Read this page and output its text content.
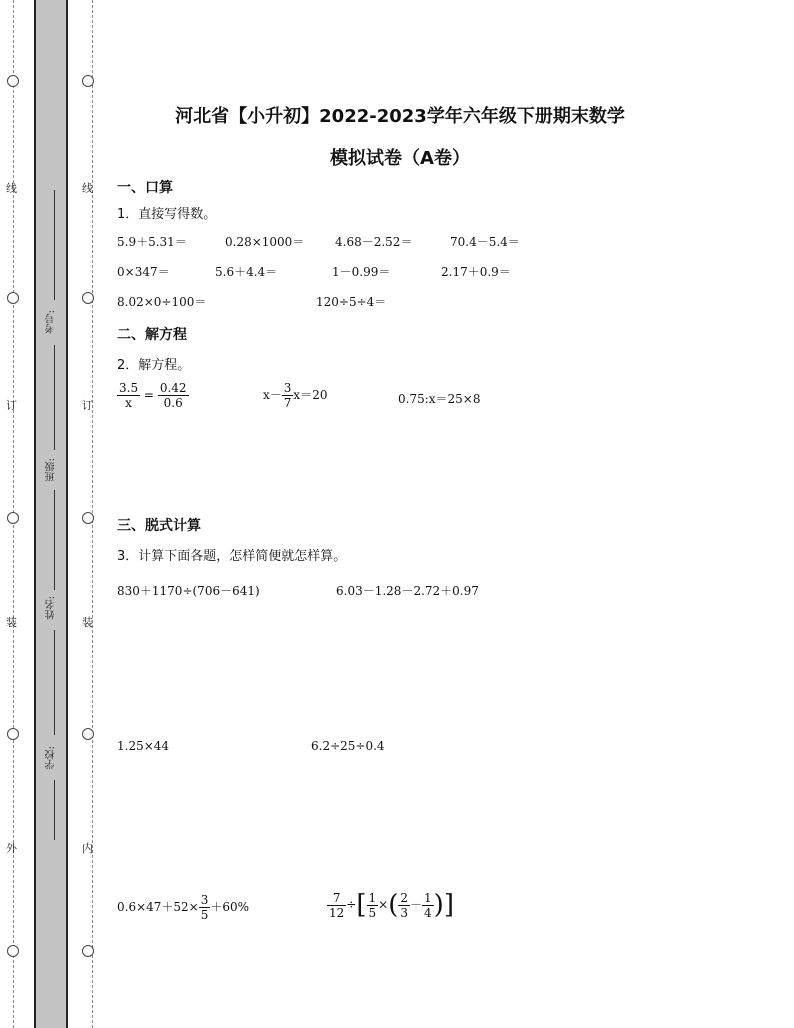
线
订
装
外
线
订
装
内
考号:
班级:
姓名:
学校:
河北省【小升初】2022-2023学年六年级下册期末数学
模拟试卷（A卷）
一、口算
1．直接写得数。
5.9＋5.31＝	0.28×1000＝	4.68－2.52＝	70.4－5.4＝
0×347＝	5.6＋4.4＝	1－0.99＝	2.17＋0.9＝
8.02×0÷100＝	120÷5÷4＝
二、解方程
2．解方程。
$\frac{3.5}{x} = \frac{0.42}{0.6}$	$x- \frac{3}{7} x=20$	0.75:x＝25×8
三、脱式计算
3．计算下面各题，怎样简便就怎样算。
830＋1170÷(706－641)	6.03－1.28－2.72＋0.97
1.25×44	6.2÷25÷0.4
$0.6\times 47+52\times \frac{3}{5} +60\%$	$\frac{7}{12}$ ÷[ $\frac{1}{5}$ ×( $\frac{2}{3} - \frac{1}{4}$ )]
